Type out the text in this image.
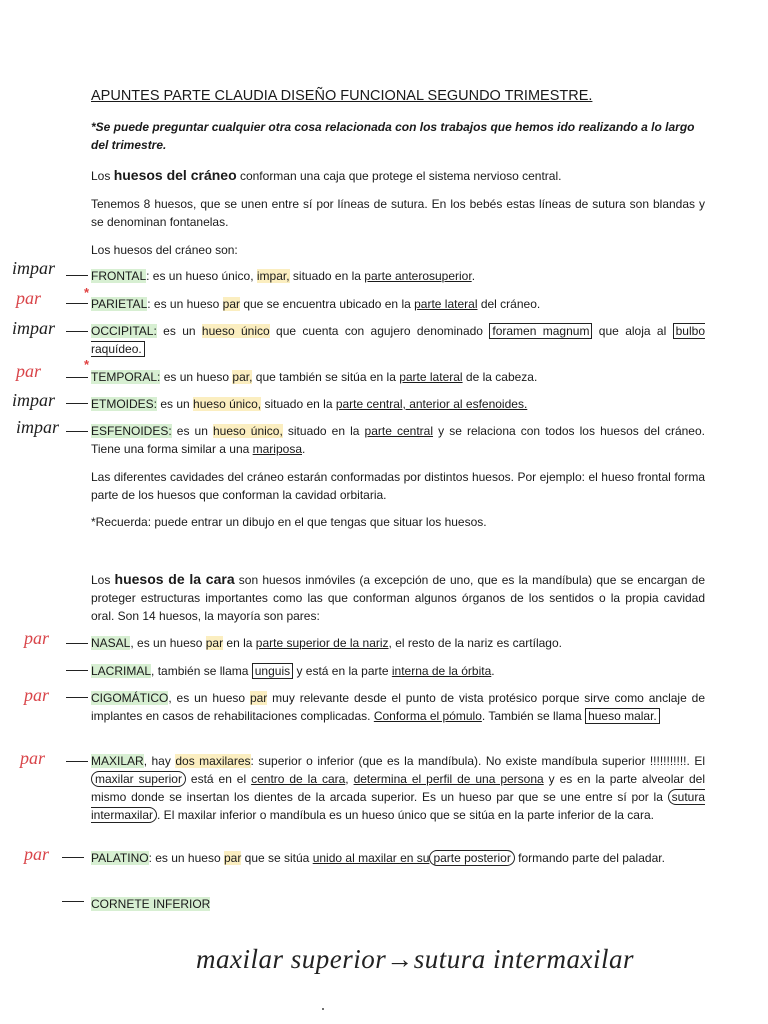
APUNTES PARTE CLAUDIA DISEÑO FUNCIONAL SEGUNDO TRIMESTRE.
*Se puede preguntar cualquier otra cosa relacionada con los trabajos que hemos ido realizando a lo largo del trimestre.
Los huesos del cráneo conforman una caja que protege el sistema nervioso central.
Tenemos 8 huesos, que se unen entre sí por líneas de sutura. En los bebés estas líneas de sutura son blandas y se denominan fontanelas.
Los huesos del cráneo son:
FRONTAL: es un hueso único, impar, situado en la parte anterosuperior.
PARIETAL: es un hueso par que se encuentra ubicado en la parte lateral del cráneo.
OCCIPITAL: es un hueso único que cuenta con agujero denominado foramen magnum que aloja al bulbo raquídeo.
TEMPORAL: es un hueso par, que también se sitúa en la parte lateral de la cabeza.
ETMOIDES: es un hueso único, situado en la parte central, anterior al esfenoides.
ESFENOIDES: es un hueso único, situado en la parte central y se relaciona con todos los huesos del cráneo. Tiene una forma similar a una mariposa.
Las diferentes cavidades del cráneo estarán conformadas por distintos huesos. Por ejemplo: el hueso frontal forma parte de los huesos que conforman la cavidad orbitaria.
*Recuerda: puede entrar un dibujo en el que tengas que situar los huesos.
Los huesos de la cara son huesos inmóviles (a excepción de uno, que es la mandíbula) que se encargan de proteger estructuras importantes como las que conforman algunos órganos de los sentidos o la propia cavidad oral. Son 14 huesos, la mayoría son pares:
NASAL, es un hueso par en la parte superior de la nariz, el resto de la nariz es cartílago.
LACRIMAL, también se llama unguis y está en la parte interna de la órbita.
CIGOMÁTICO, es un hueso par muy relevante desde el punto de vista protésico porque sirve como anclaje de implantes en casos de rehabilitaciones complicadas. Conforma el pómulo. También se llama hueso malar.
MAXILAR, hay dos maxilares: superior o inferior (que es la mandíbula). No existe mandíbula superior !!!!!!!!!!!. El maxilar superior está en el centro de la cara, determina el perfil de una persona y es en la parte alveolar del mismo donde se insertan los dientes de la arcada superior. Es un hueso par que se une entre sí por la sutura intermaxilar . El maxilar inferior o mandíbula es un hueso único que se sitúa en la parte inferior de la cara.
PALATINO: es un hueso par que se sitúa unido al maxilar en su parte posterior formando parte del paladar.
CORNETE INFERIOR
impar
par	*
impar
par	*
impar
impar
par
par
par
par
maxilar superior→sutura intermaxilar
